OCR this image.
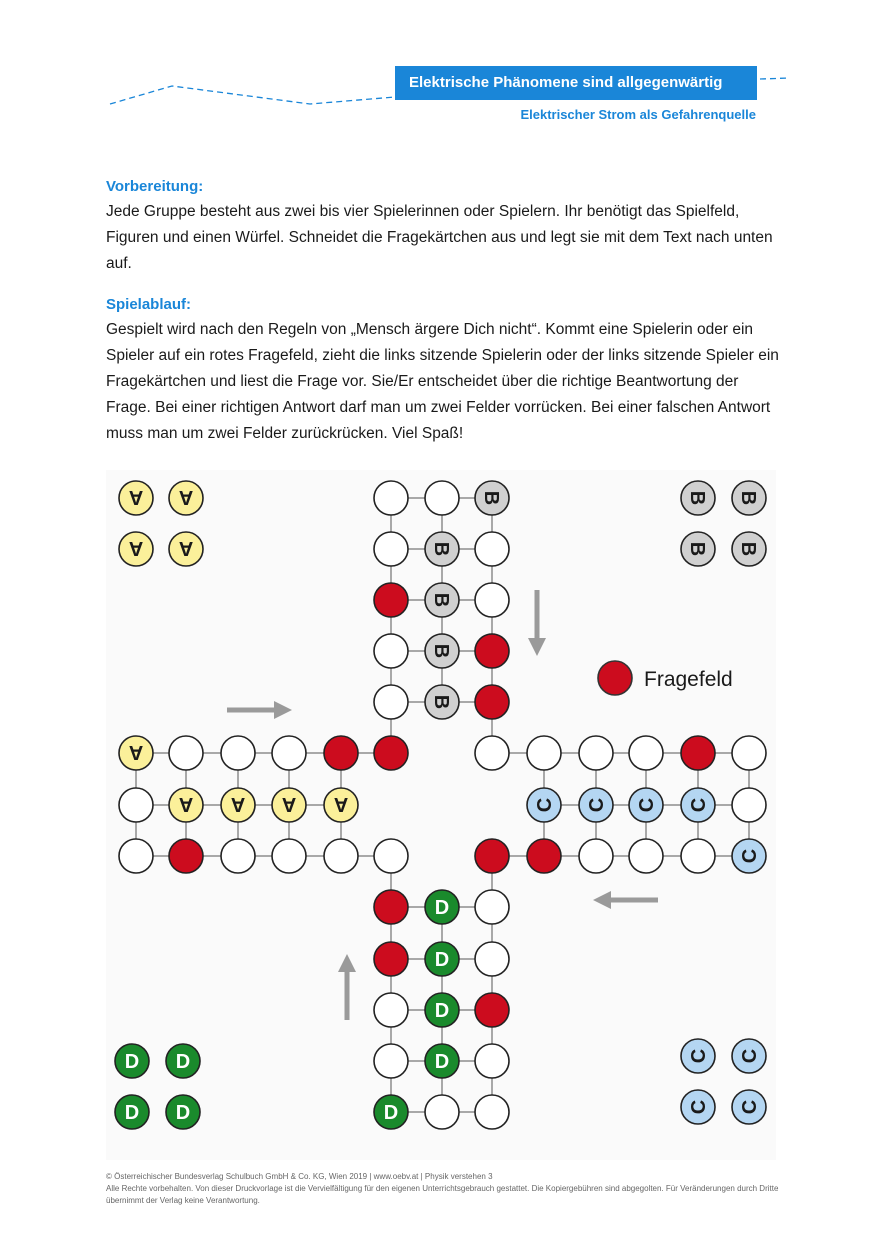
Elektrische Phänomene sind allgegenwärtig
Elektrischer Strom als Gefahrenquelle
Vorbereitung:

Jede Gruppe besteht aus zwei bis vier Spielerinnen oder Spielern. Ihr benötigt das Spielfeld, Figuren und einen Würfel. Schneidet die Fragekärtchen aus und legt sie mit dem Text nach unten auf.

Spielablauf:

Gespielt wird nach den Regeln von „Mensch ärgere Dich nicht“. Kommt eine Spielerin oder ein Spieler auf ein rotes Fragefeld, zieht die links sitzende Spielerin oder der links sitzende Spieler ein Fragekärtchen und liest die Frage vor. Sie/Er entscheidet über die richtige Beantwortung der Frage. Bei einer richtigen Antwort darf man um zwei Felder vorrücken. Bei einer falschen Antwort muss man um zwei Felder zurückrücken. Viel Spaß!

B
B
B
B
B
A
A A A A	C C C C
C
D
D
D
D
D
A A
A A
B B
B B
C C
C C
D D
D D
Fragefeld
© Österreichischer Bundesverlag Schulbuch GmbH & Co. KG, Wien 2019 | www.oebv.at | Physik verstehen 3
Alle Rechte vorbehalten. Von dieser Druckvorlage ist die Vervielfältigung für den eigenen Unterrichtsgebrauch gestattet. Die Kopiergebühren sind abgegolten. Für Veränderungen durch Dritte übernimmt der Verlag keine Verantwortung.
